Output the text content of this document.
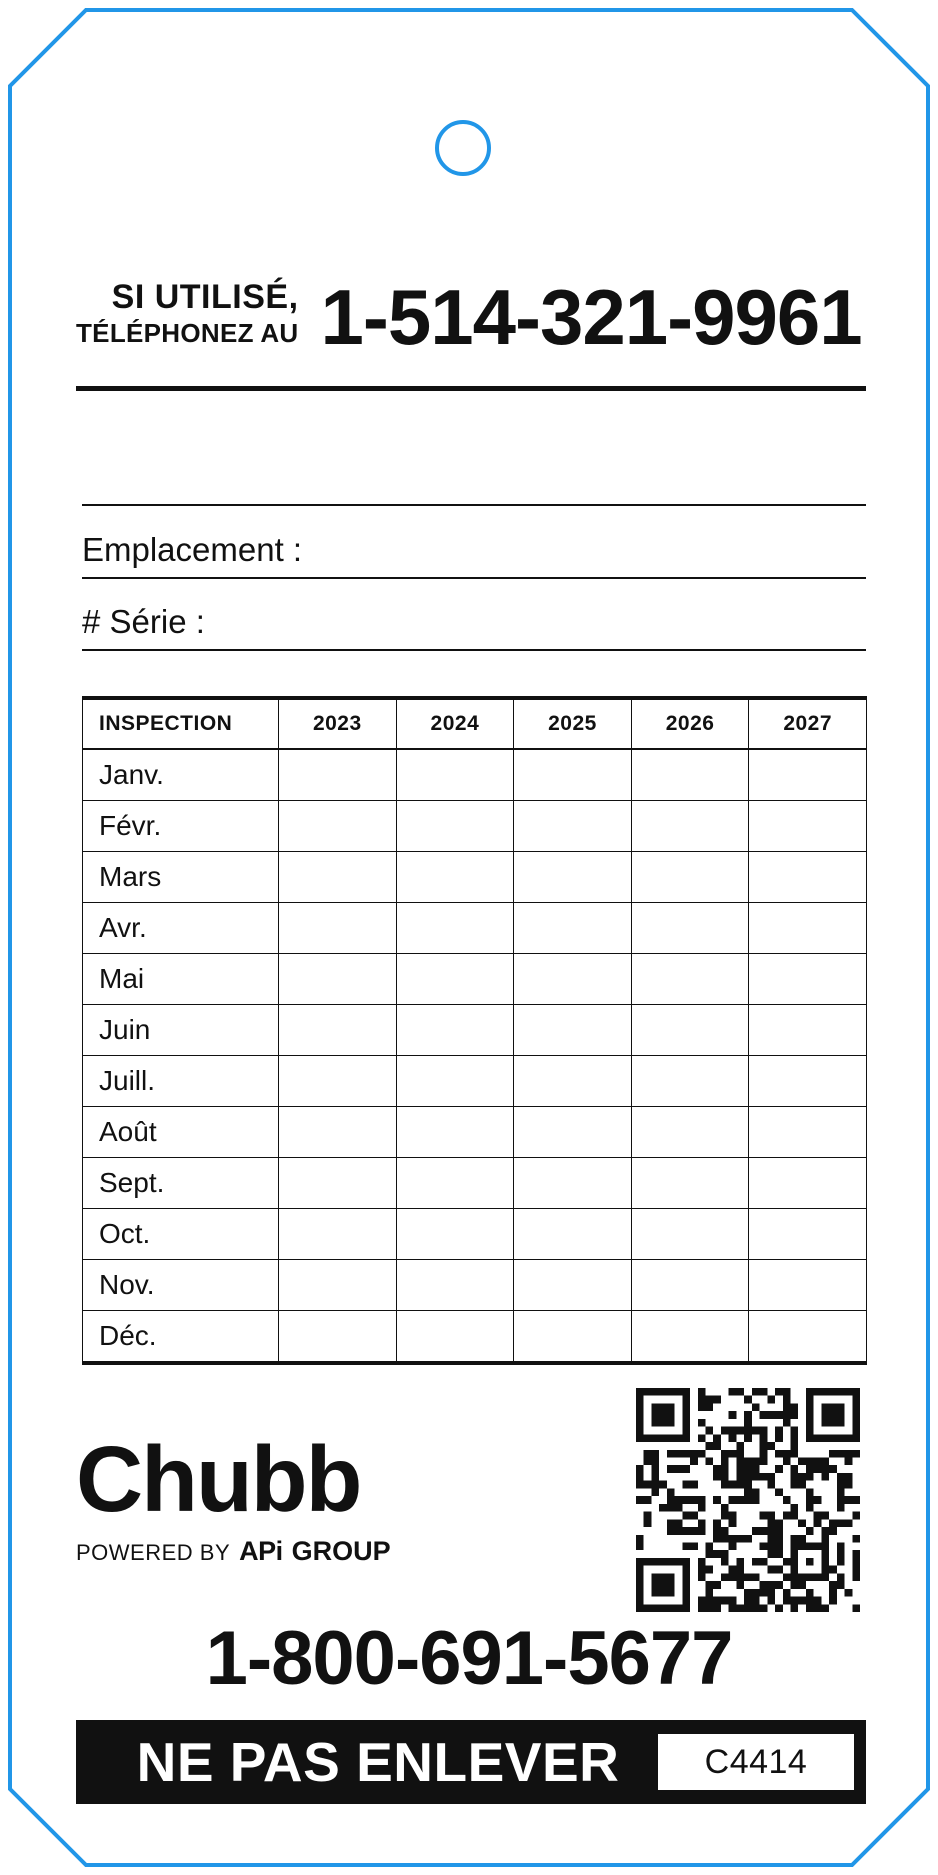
SI UTILISÉ,
TÉLÉPHONEZ AU 1-514-321-9961
Emplacement :
# Série :
INSPECTION	2023	2024	2025	2026	2027
Janv.					
Févr.					
Mars					
Avr.					
Mai					
Juin					
Juill.					
Août					
Sept.					
Oct.					
Nov.					
Déc.					
Chubb
POWERED BY APi GROUP
1-800-691-5677
NE PAS ENLEVER	C4414
